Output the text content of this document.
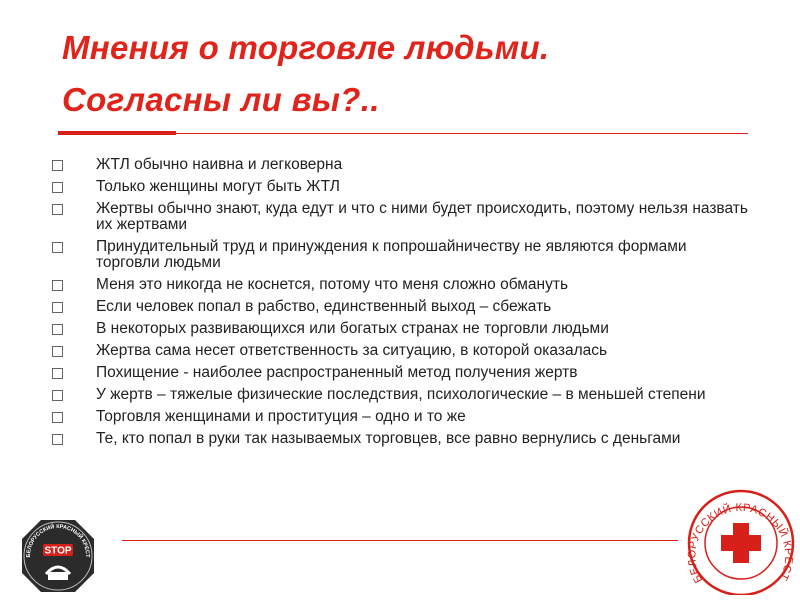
Мнения о торговле людьми.
Согласны ли вы?..
ЖТЛ обычно наивна и легковерна
Только женщины могут быть ЖТЛ
Жертвы обычно знают, куда едут и что с ними будет происходить, поэтому нельзя назвать их жертвами
Принудительный труд и принуждения к попрошайничеству не являются формами торговли людьми
Меня это никогда не коснется, потому что меня сложно обмануть
Если человек попал в рабство, единственный выход – сбежать
В некоторых развивающихся или богатых странах не торговли людьми
Жертва сама несет ответственность за ситуацию, в которой оказалась
Похищение - наиболее распространенный метод получения жертв
У жертв – тяжелые физические последствия, психологические – в меньшей степени
Торговля женщинами и проституция – одно и то же
Те, кто попал в руки так называемых торговцев, все равно вернулись с деньгами
БЕЛОРУССКИЙ КРАСНЫЙ КРЕСТ
STOP
БЕЛОРУССКИЙ КРАСНЫЙ КРЕСТ
